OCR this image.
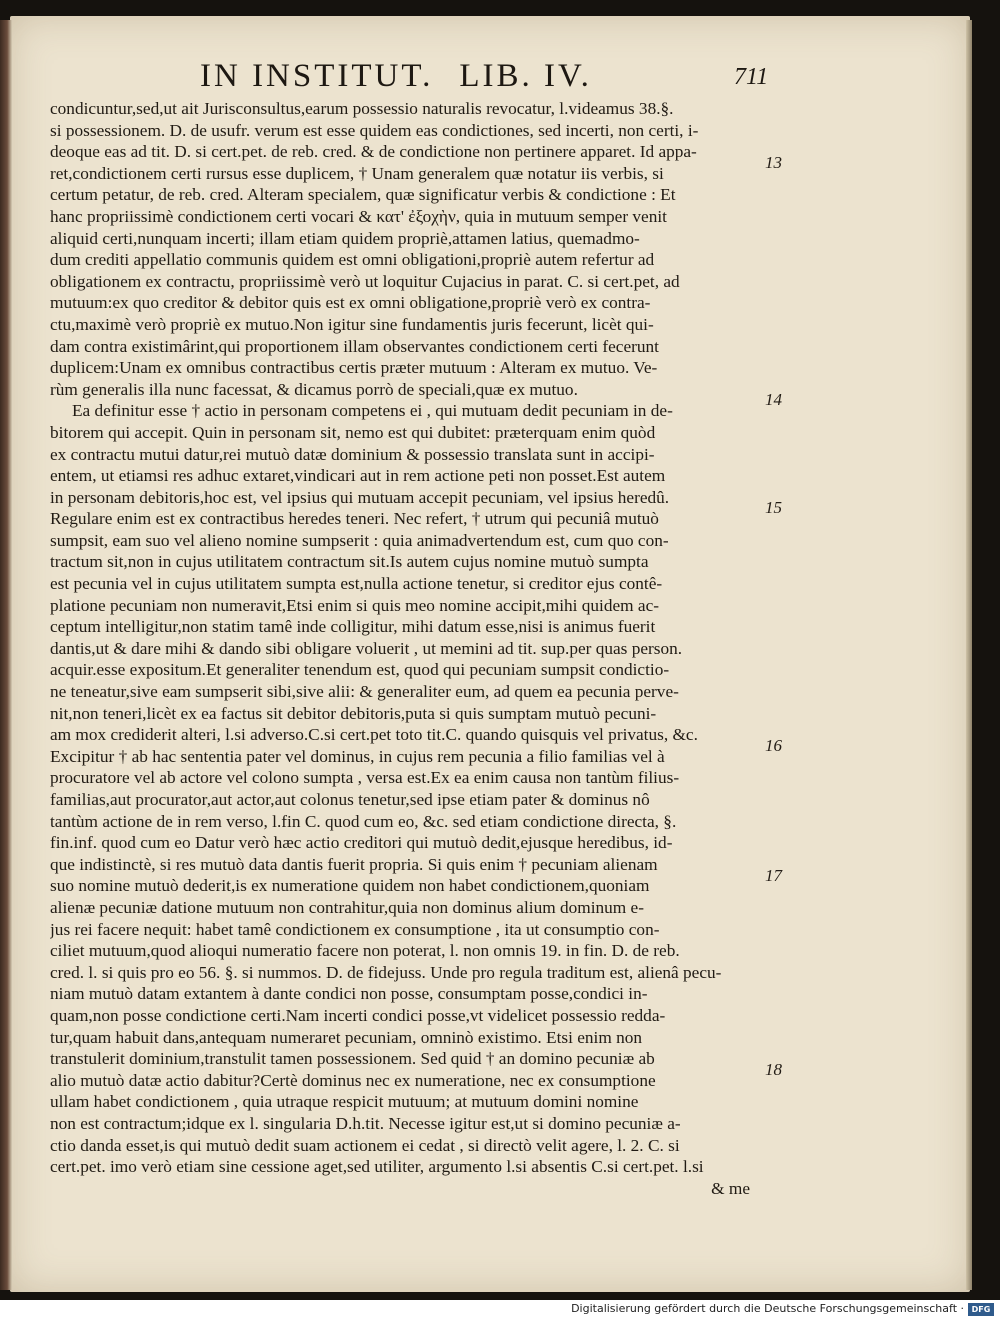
IN INSTITUT. LIB. IV.	711
condicuntur,sed,ut ait Jurisconsultus,earum possessio naturalis revocatur, l.videamus 38.§.
si possessionem. D. de usufr. verum est esse quidem eas condictiones, sed incerti, non certi, i-
deoque eas ad tit. D. si cert.pet. de reb. cred. & de condictione non pertinere apparet. Id appa-
ret,condictionem certi rursus esse duplicem, † Unam generalem quæ notatur iis verbis, si
certum petatur, de reb. cred. Alteram specialem, quæ significatur verbis & condictione : Et
hanc propriissimè condictionem certi vocari & κατ' ἐξοχὴν, quia in mutuum semper venit
aliquid certi,nunquam incerti; illam etiam quidem propriè,attamen latius, quemadmo-
dum crediti appellatio communis quidem est omni obligationi,propriè autem refertur ad
obligationem ex contractu, propriissimè verò ut loquitur Cujacius in parat. C. si cert.pet, ad
mutuum:ex quo creditor & debitor quis est ex omni obligatione,propriè verò ex contra-
ctu,maximè verò propriè ex mutuo.Non igitur sine fundamentis juris fecerunt, licèt qui-
dam contra existimârint,qui proportionem illam observantes condictionem certi fecerunt
duplicem:Unam ex omnibus contractibus certis præter mutuum : Alteram ex mutuo. Ve-
rùm generalis illa nunc facessat, & dicamus porrò de speciali,quæ ex mutuo.
Ea definitur esse † actio in personam competens ei , qui mutuam dedit pecuniam in de-
bitorem qui accepit. Quin in personam sit, nemo est qui dubitet: præterquam enim quòd
ex contractu mutui datur,rei mutuò datæ dominium & possessio translata sunt in accipi-
entem, ut etiamsi res adhuc extaret,vindicari aut in rem actione peti non posset.Est autem
in personam debitoris,hoc est, vel ipsius qui mutuam accepit pecuniam, vel ipsius heredû.
Regulare enim est ex contractibus heredes teneri. Nec refert, † utrum qui pecuniâ mutuò
sumpsit, eam suo vel alieno nomine sumpserit : quia animadvertendum est, cum quo con-
tractum sit,non in cujus utilitatem contractum sit.Is autem cujus nomine mutuò sumpta
est pecunia vel in cujus utilitatem sumpta est,nulla actione tenetur, si creditor ejus contê-
platione pecuniam non numeravit,Etsi enim si quis meo nomine accipit,mihi quidem ac-
ceptum intelligitur,non statim tamê inde colligitur, mihi datum esse,nisi is animus fuerit
dantis,ut & dare mihi & dando sibi obligare voluerit , ut memini ad tit. sup.per quas person.
acquir.esse expositum.Et generaliter tenendum est, quod qui pecuniam sumpsit condictio-
ne teneatur,sive eam sumpserit sibi,sive alii: & generaliter eum, ad quem ea pecunia perve-
nit,non teneri,licèt ex ea factus sit debitor debitoris,puta si quis sumptam mutuò pecuni-
am mox crediderit alteri, l.si adverso.C.si cert.pet toto tit.C. quando quisquis vel privatus, &c.
Excipitur † ab hac sententia pater vel dominus, in cujus rem pecunia a filio familias vel à
procuratore vel ab actore vel colono sumpta , versa est.Ex ea enim causa non tantùm filius-
familias,aut procurator,aut actor,aut colonus tenetur,sed ipse etiam pater & dominus nô
tantùm actione de in rem verso, l.fin C. quod cum eo, &c. sed etiam condictione directa, §.
fin.inf. quod cum eo Datur verò hæc actio creditori qui mutuò dedit,ejusque heredibus, id-
que indistinctè, si res mutuò data dantis fuerit propria. Si quis enim † pecuniam alienam
suo nomine mutuò dederit,is ex numeratione quidem non habet condictionem,quoniam
alienæ pecuniæ datione mutuum non contrahitur,quia non dominus alium dominum e-
jus rei facere nequit: habet tamê condictionem ex consumptione , ita ut consumptio con-
ciliet mutuum,quod alioqui numeratio facere non poterat, l. non omnis 19. in fin. D. de reb.
cred. l. si quis pro eo 56. §. si nummos. D. de fidejuss. Unde pro regula traditum est, alienâ pecu-
niam mutuò datam extantem à dante condici non posse, consumptam posse,condici in-
quam,non posse condictione certi.Nam incerti condici posse,vt videlicet possessio redda-
tur,quam habuit dans,antequam numeraret pecuniam, omninò existimo. Etsi enim non
transtulerit dominium,transtulit tamen possessionem. Sed quid † an domino pecuniæ ab
alio mutuò datæ actio dabitur?Certè dominus nec ex numeratione, nec ex consumptione
ullam habet condictionem , quia utraque respicit mutuum; at mutuum domini nomine
non est contractum;idque ex l. singularia D.h.tit. Necesse igitur est,ut si domino pecuniæ a-
ctio danda esset,is qui mutuò dedit suam actionem ei cedat , si directò velit agere, l. 2. C. si
cert.pet. imo verò etiam sine cessione aget,sed utiliter, argumento l.si absentis C.si cert.pet. l.si
& me
13
14
15
16
17
18
Digitalisierung gefördert durch die Deutsche Forschungsgemeinschaft · DFG
